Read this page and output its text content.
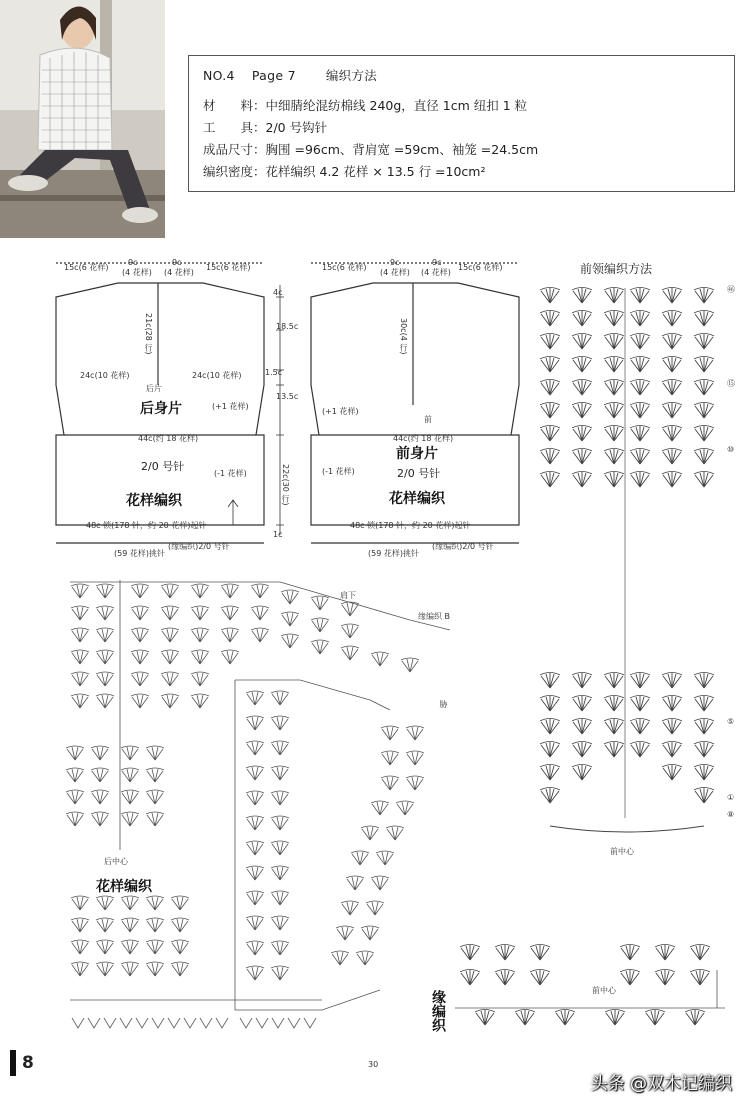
NO.4 Page 7 编织方法
材　　料：中细腈纶混纺棉线 240g，直径 1cm 纽扣 1 粒
工　　具：2/0 号钩针
成品尺寸：胸围 =96cm、背肩宽 =59cm、袖笼 =24.5cm
编织密度：花样编织 4.2 花样 × 13.5 行 =10cm²
15c(6 花样)
9c
(4 花样)
9c
(4 花样)
15c(6 花样)
24c(10 花样)	24c(10 花样)
后片
后身片	(+1 花样)
44c(约 18 花样)
2/0 号针
(-1 花样)
花样编织
48c 锁(178 针，约 20 花样)起针
(59 花样)挑针
(缘编织)2/0 号针
4c
21c(28 行)	18.5c
1.5c
13.5c
22c(30 行)
1c
15c(6 花样)
9c
(4 花样)
9c
(4 花样)
15c(6 花样)
30c(4 行)
前
(+1 花样)
44c(约 18 花样)
前身片
(-1 花样)	2/0 号针
花样编织
48c 锁(178 针，约 20 花样)起针
(59 花样)挑针
(缘编织)2/0 号针
前领编织方法
㊻
⑮
⑩
⑤
①
⑧
前中心
肩下
缘编织 B
后中心
胁
30
花样编织
缘编织	前中心
8
头条 @双木记编织
